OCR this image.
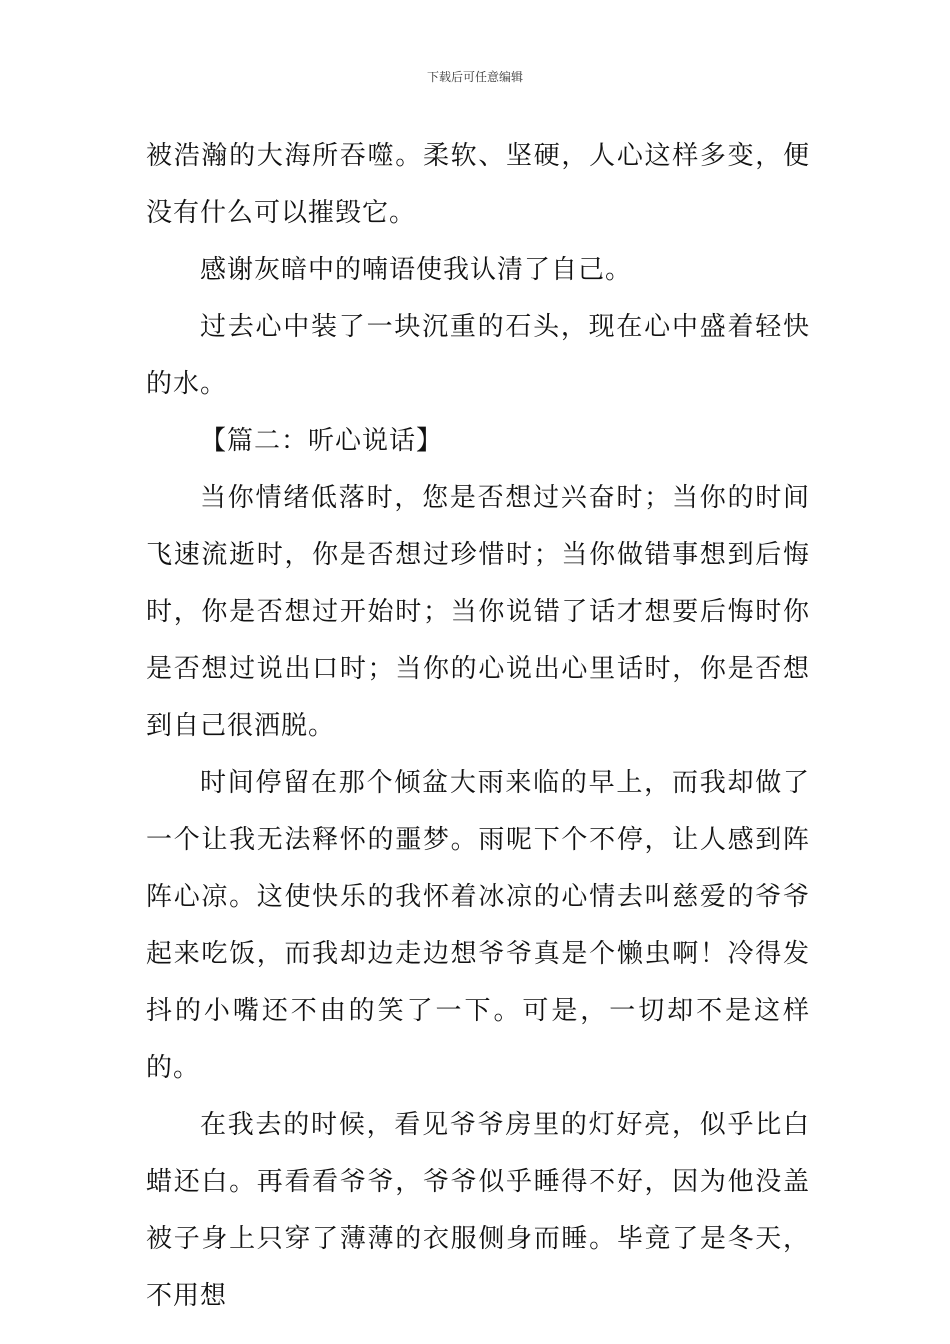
下载后可任意编辑

被浩瀚的大海所吞噬。柔软、坚硬，人心这样多变，便没有什么可以摧毁它。

感谢灰暗中的喃语使我认清了自己。

过去心中装了一块沉重的石头，现在心中盛着轻快的水。

【篇二：听心说话】

当你情绪低落时，您是否想过兴奋时；当你的时间飞速流逝时，你是否想过珍惜时；当你做错事想到后悔时，你是否想过开始时；当你说错了话才想要后悔时你是否想过说出口时；当你的心说出心里话时，你是否想到自己很洒脱。

时间停留在那个倾盆大雨来临的早上，而我却做了一个让我无法释怀的噩梦。雨呢下个不停，让人感到阵阵心凉。这使快乐的我怀着冰凉的心情去叫慈爱的爷爷起来吃饭，而我却边走边想爷爷真是个懒虫啊！冷得发抖的小嘴还不由的笑了一下。可是，一切却不是这样的。

在我去的时候，看见爷爷房里的灯好亮，似乎比白蜡还白。再看看爷爷，爷爷似乎睡得不好，因为他没盖被子身上只穿了薄薄的衣服侧身而睡。毕竟了是冬天，不用想
